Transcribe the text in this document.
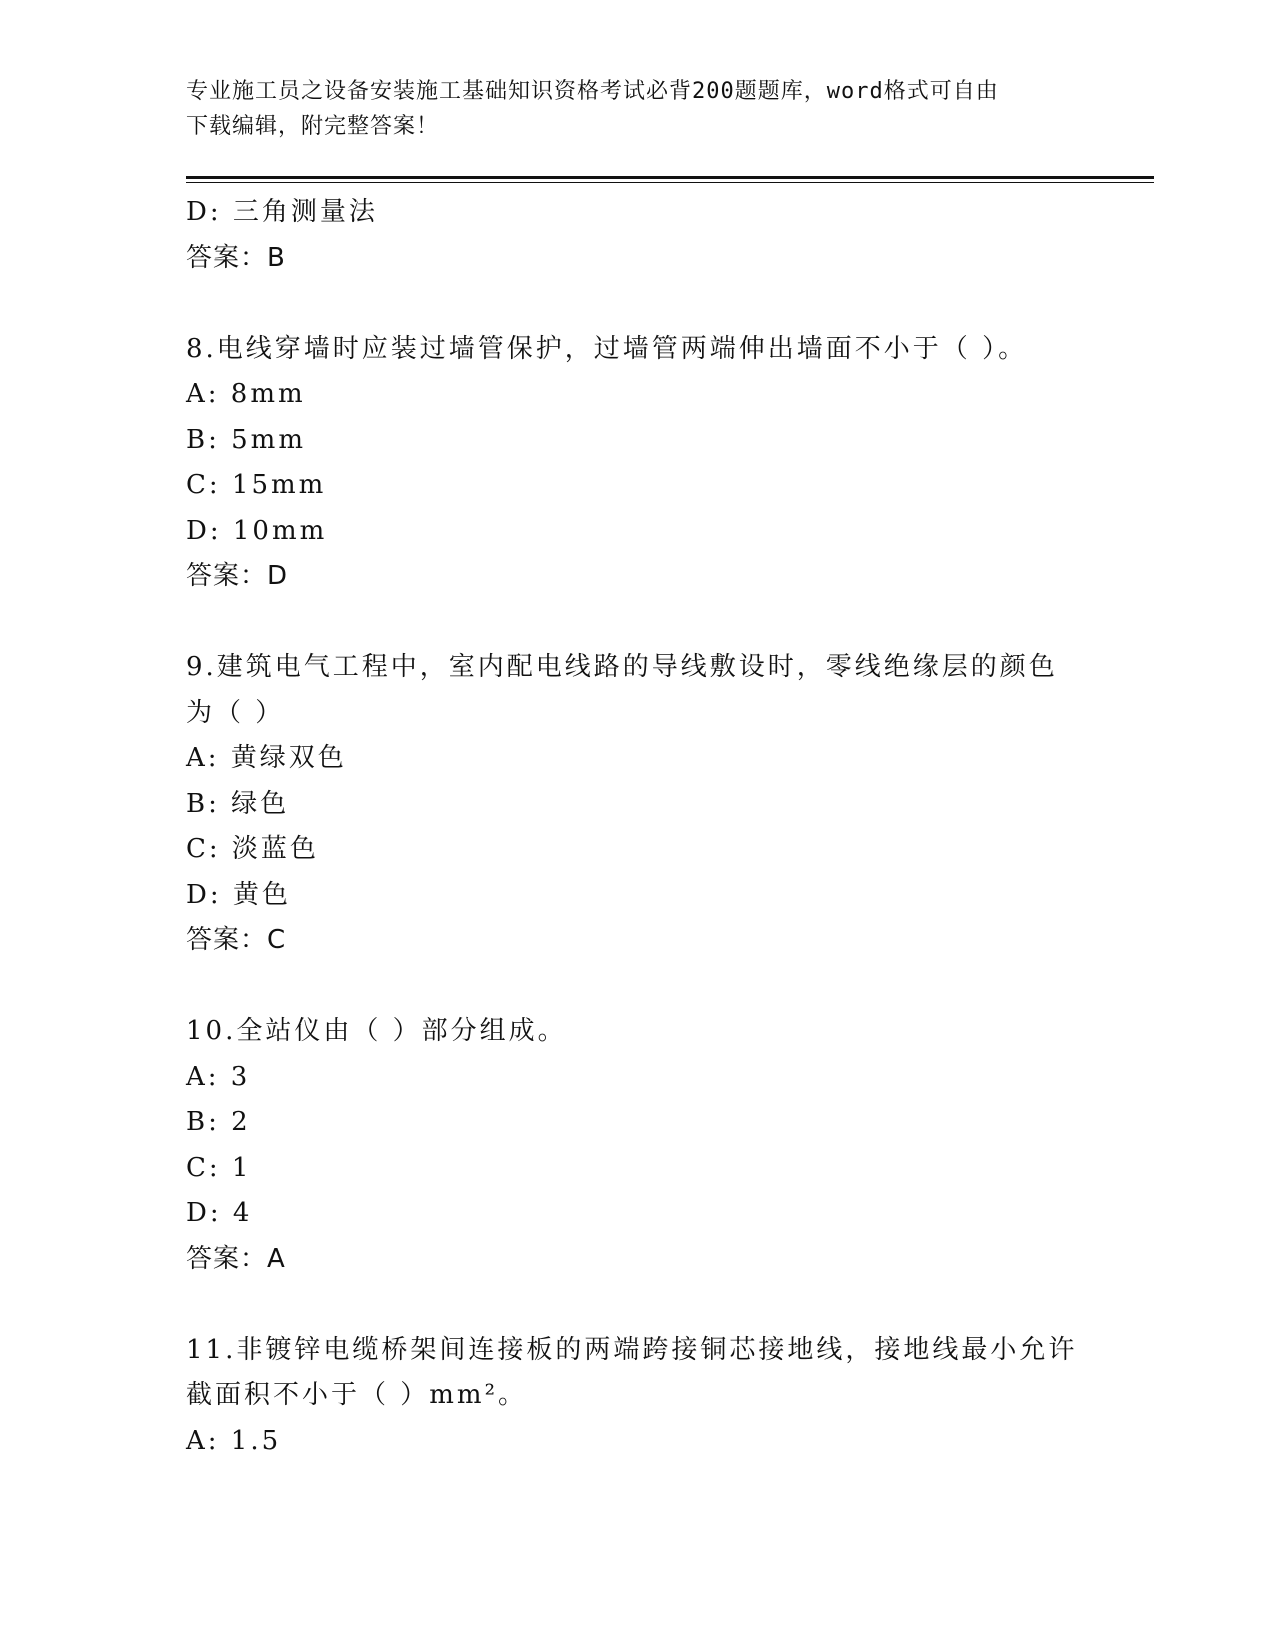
专业施工员之设备安装施工基础知识资格考试必背200题题库，word格式可自由
下载编辑，附完整答案！
D: 三角测量法
答案：B
8.电线穿墙时应装过墙管保护，过墙管两端伸出墙面不小于（ ）。
A: 8mm
B: 5mm
C: 15mm
D: 10mm
答案：D
9.建筑电气工程中，室内配电线路的导线敷设时，零线绝缘层的颜色
为（ ）
A: 黄绿双色
B: 绿色
C: 淡蓝色
D: 黄色
答案：C
10.全站仪由（ ）部分组成。
A: 3
B: 2
C: 1
D: 4
答案：A
11.非镀锌电缆桥架间连接板的两端跨接铜芯接地线，接地线最小允许
截面积不小于（ ）mm²。
A: 1.5
